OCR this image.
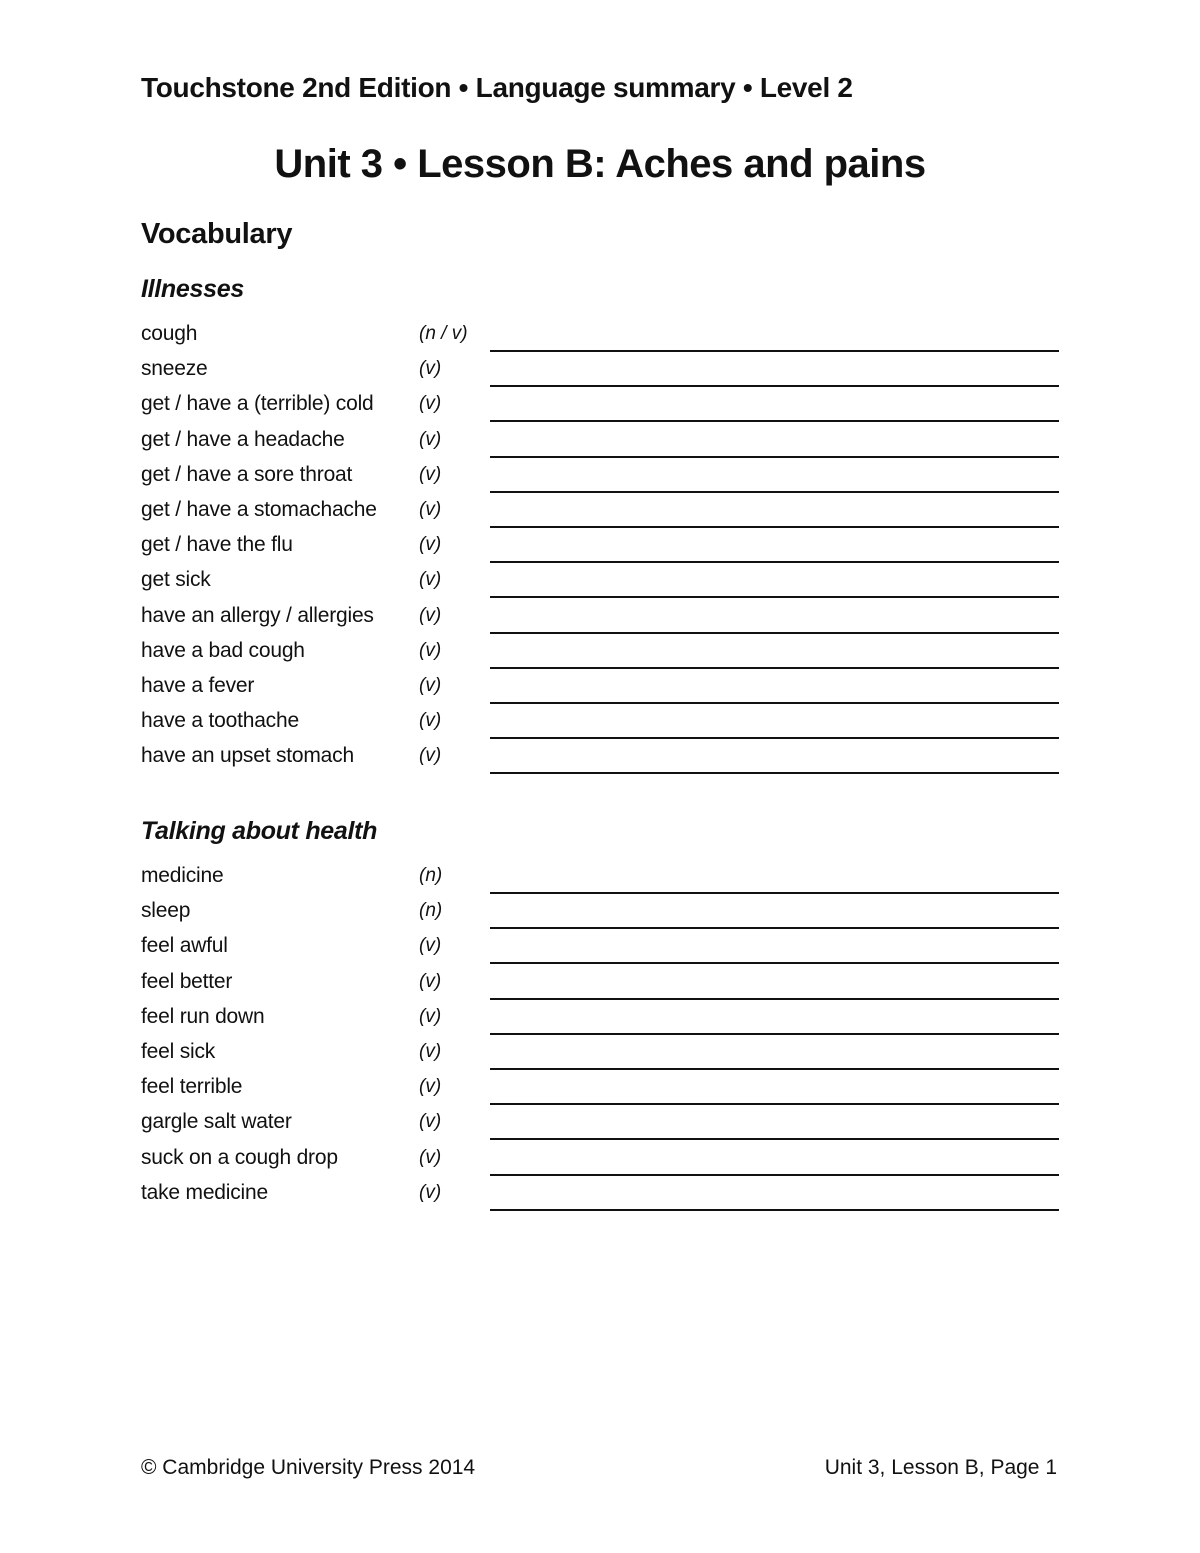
Touchstone 2nd Edition • Language summary • Level 2
Unit 3 • Lesson B: Aches and pains
Vocabulary
Illnesses
cough	(n / v)
sneeze	(v)
get / have a (terrible) cold (v)
get / have a headache	(v)
get / have a sore throat	(v)
get / have a stomachache (v)
get / have the flu	(v)
get sick	(v)
have an allergy / allergies (v)
have a bad cough	(v)
have a fever	(v)
have a toothache	(v)
have an upset stomach	(v)
Talking about health
medicine	(n)
sleep	(n)
feel awful	(v)
feel better	(v)
feel run down	(v)
feel sick	(v)
feel terrible	(v)
gargle salt water	(v)
suck on a cough drop	(v)
take medicine	(v)
© Cambridge University Press 2014	Unit 3, Lesson B, Page 1
